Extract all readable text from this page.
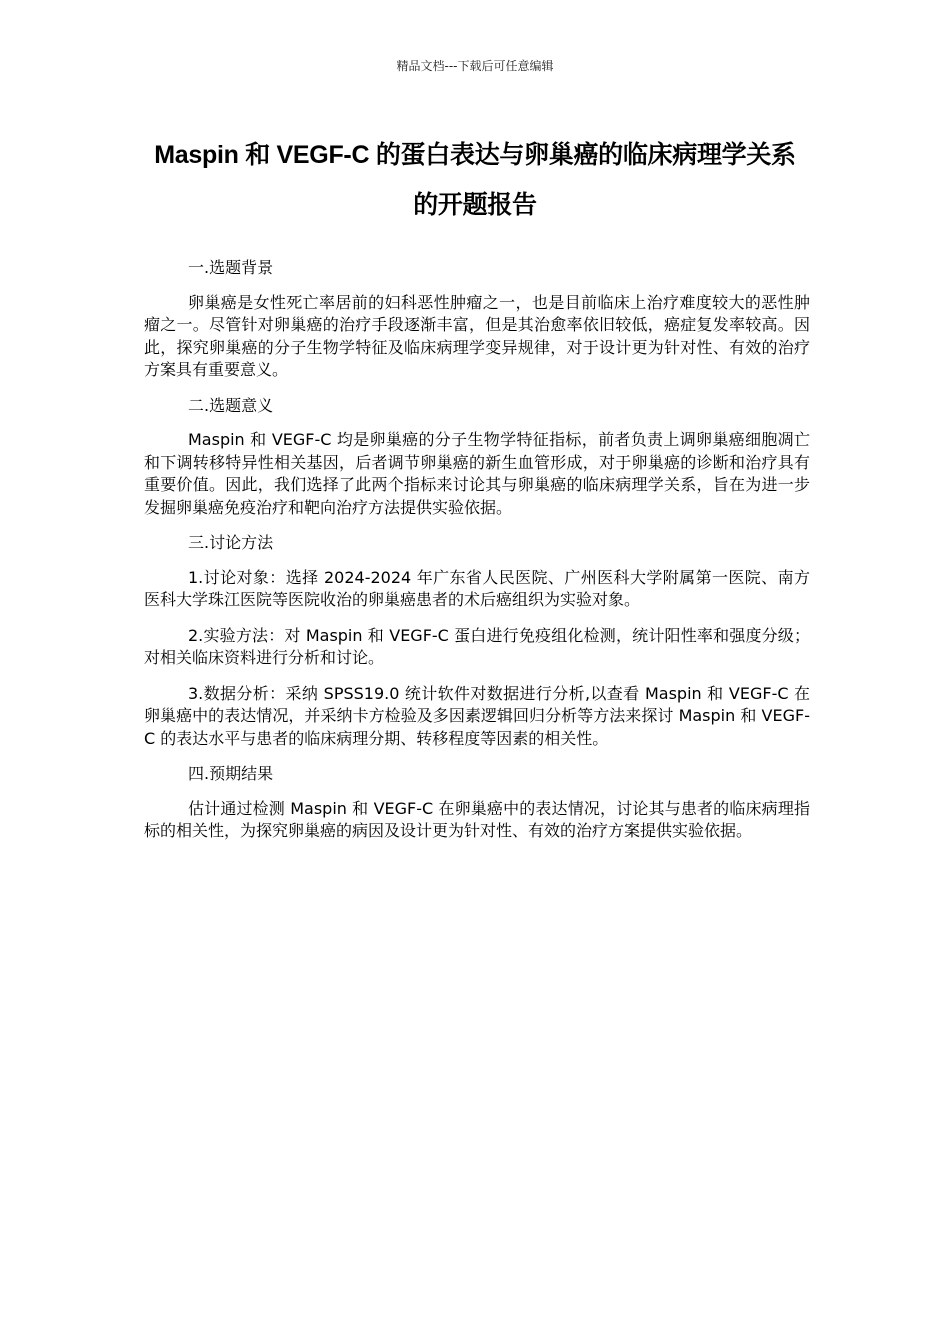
精品文档---下载后可任意编辑
Maspin 和 VEGF-C 的蛋白表达与卵巢癌的临床病理学关系
的开题报告

一.选题背景

卵巢癌是女性死亡率居前的妇科恶性肿瘤之一，也是目前临床上治疗难度较大的恶性肿瘤之一。尽管针对卵巢癌的治疗手段逐渐丰富，但是其治愈率依旧较低，癌症复发率较高。因此，探究卵巢癌的分子生物学特征及临床病理学变异规律，对于设计更为针对性、有效的治疗方案具有重要意义。

二.选题意义

Maspin 和 VEGF-C 均是卵巢癌的分子生物学特征指标，前者负责上调卵巢癌细胞凋亡和下调转移特异性相关基因，后者调节卵巢癌的新生血管形成，对于卵巢癌的诊断和治疗具有重要价值。因此，我们选择了此两个指标来讨论其与卵巢癌的临床病理学关系，旨在为进一步发掘卵巢癌免疫治疗和靶向治疗方法提供实验依据。

三.讨论方法

1.讨论对象：选择 2024-2024 年广东省人民医院、广州医科大学附属第一医院、南方医科大学珠江医院等医院收治的卵巢癌患者的术后癌组织为实验对象。

2.实验方法：对 Maspin 和 VEGF-C 蛋白进行免疫组化检测，统计阳性率和强度分级；对相关临床资料进行分析和讨论。

3.数据分析：采纳 SPSS19.0 统计软件对数据进行分析,以查看 Maspin 和 VEGF-C 在卵巢癌中的表达情况，并采纳卡方检验及多因素逻辑回归分析等方法来探讨 Maspin 和 VEGF-C 的表达水平与患者的临床病理分期、转移程度等因素的相关性。

四.预期结果

估计通过检测 Maspin 和 VEGF-C 在卵巢癌中的表达情况，讨论其与患者的临床病理指标的相关性，为探究卵巢癌的病因及设计更为针对性、有效的治疗方案提供实验依据。
